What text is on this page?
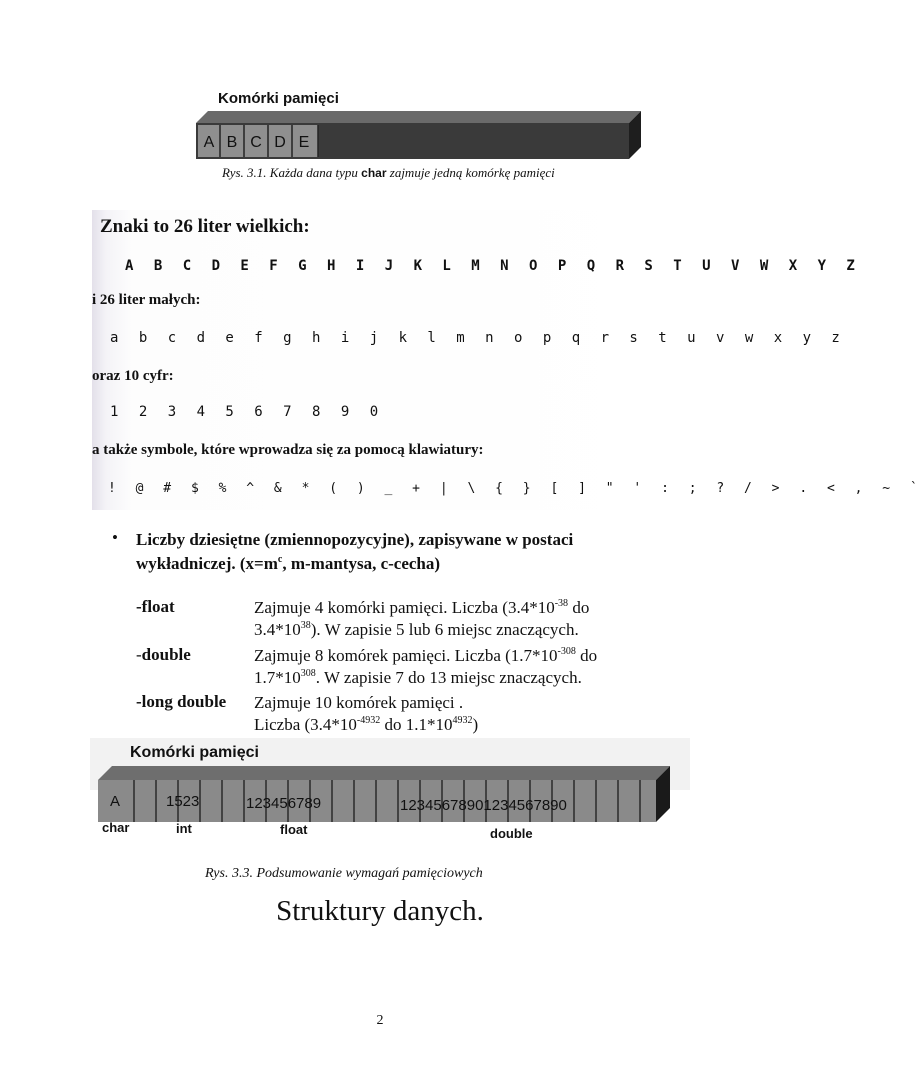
Komórki pamięci
A B C D E
Rys. 3.1. Każda dana typu char zajmuje jedną komórkę pamięci
Znaki to 26 liter wielkich:
A B C D E F G H I J K L M N O P Q R S T U V W X Y Z
i 26 liter małych:
a b c d e f g h i j k l m n o p q r s t u v w x y z
oraz 10 cyfr:
1 2 3 4 5 6 7 8 9 0
a także symbole, które wprowadza się za pomocą klawiatury:
! @ # $ % ^ & * ( ) _ + | \ { } [ ] " ' : ; ? / > . < , ~ `
• Liczby dziesiętne (zmiennopozycyjne), zapisywane w postaci
wykładniczej. ($x=m^c$, m-mantysa, c-cecha)
-float	Zajmuje 4 komórki pamięci. Liczba ($3.4*10^{-38}$ do
$3.4*10^{38}$). W zapisie 5 lub 6 miejsc znaczących.
-double	Zajmuje 8 komórek pamięci. Liczba ($1.7*10^{-308}$ do
$1.7*10^{308}$. W zapisie 7 do 13 miejsc znaczących.
-long double Zajmuje 10 komórek pamięci .
Liczba ($3.4*10^{-4932}$ do $1.1*10^{4932}$)
Komórki pamięci
A	1523	123456789	12345678901234567890
char	int	float	double
Rys. 3.3. Podsumowanie wymagań pamięciowych
Struktury danych.
2
